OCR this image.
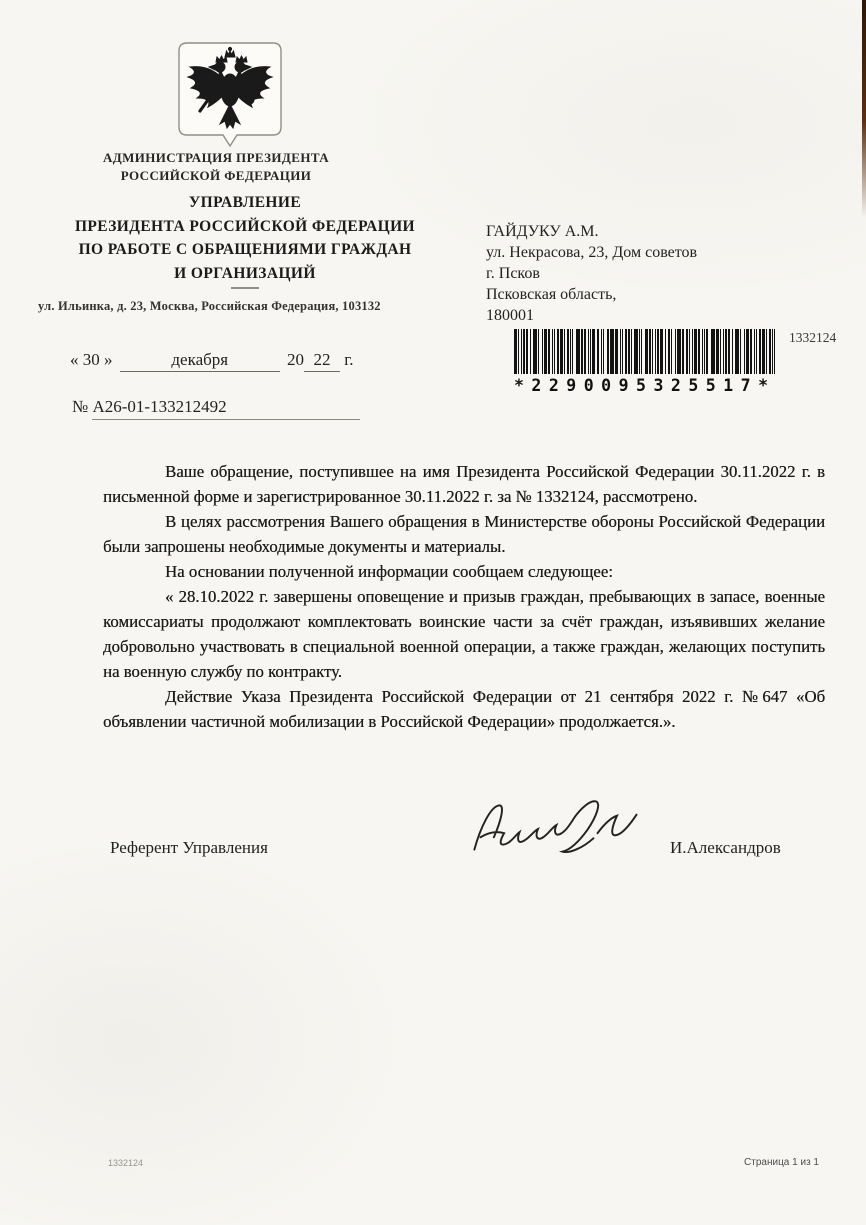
АДМИНИСТРАЦИЯ ПРЕЗИДЕНТА
РОССИЙСКОЙ ФЕДЕРАЦИИ
УПРАВЛЕНИЕ
ПРЕЗИДЕНТА РОССИЙСКОЙ ФЕДЕРАЦИИ
ПО РАБОТЕ С ОБРАЩЕНИЯМИ ГРАЖДАН
И ОРГАНИЗАЦИЙ
ул. Ильинка, д. 23, Москва, Российская Федерация, 103132
ГАЙДУКУ А.М.
ул. Некрасова, 23, Дом советов
г. Псков
Псковская область,
180001
*2290095325517*
1332124
« 30 »	декабря	20 22 г.
№ А26-01-133212492

Ваше обращение, поступившее на имя Президента Российской Федерации 30.11.2022 г. в письменной форме и зарегистрированное 30.11.2022 г. за № 1332124, рассмотрено.

В целях рассмотрения Вашего обращения в Министерстве обороны Российской Федерации были запрошены необходимые документы и материалы.

На основании полученной информации сообщаем следующее:

« 28.10.2022 г. завершены оповещение и призыв граждан, пребывающих в запасе, военные комиссариаты продолжают комплектовать воинские части за счёт граждан, изъявивших желание добровольно участвовать в специальной военной операции, а также граждан, желающих поступить на военную службу по контракту.

Действие Указа Президента Российской Федерации от 21 сентября 2022 г. №647 «Об объявлении частичной мобилизации в Российской Федерации» продолжается.».

Референт Управления	И.Александров
1332124	Страница 1 из 1
